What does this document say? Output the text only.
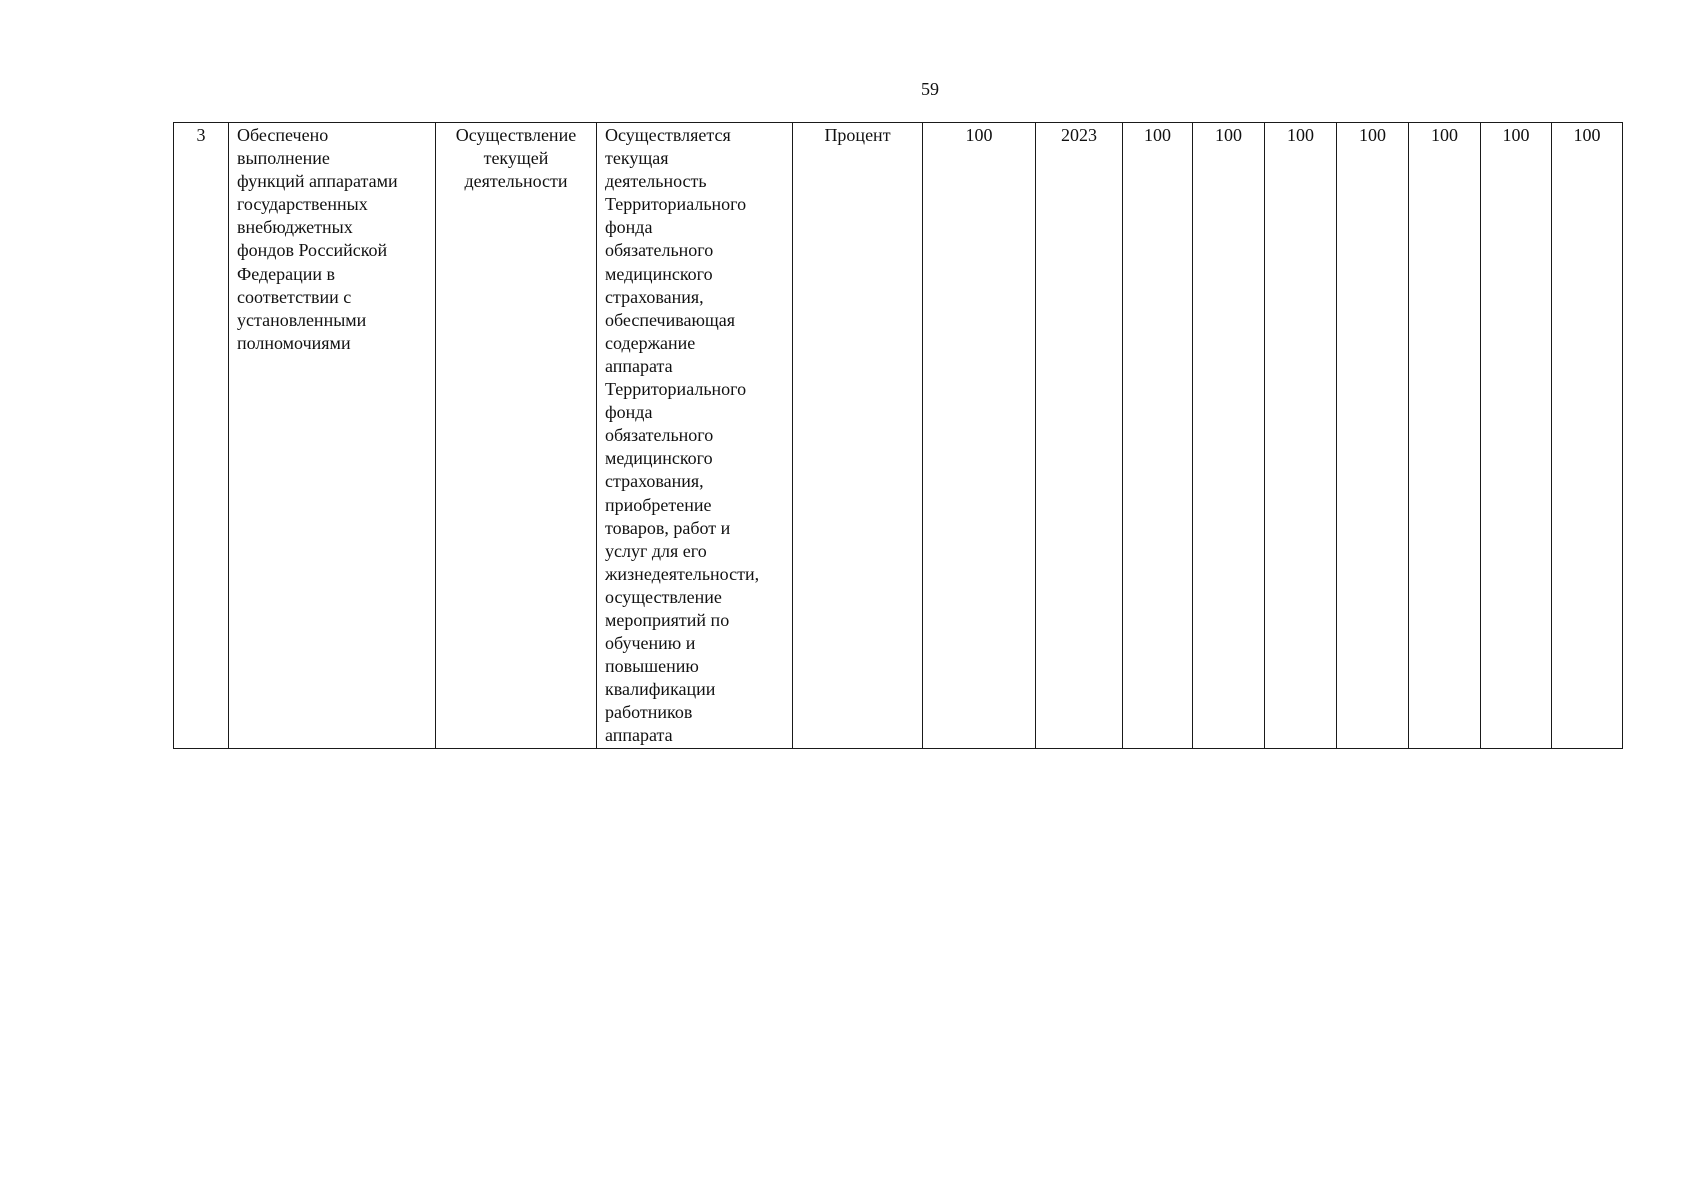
59
3	Обеспечено
выполнение
функций аппаратами
государственных
внебюджетных
фондов Российской
Федерации в
соответствии с
установленными
полномочиями	Осуществление
текущей
деятельности	Осуществляется
текущая
деятельность
Территориального
фонда
обязательного
медицинского
страхования,
обеспечивающая
содержание
аппарата
Территориального
фонда
обязательного
медицинского
страхования,
приобретение
товаров, работ и
услуг для его
жизнедеятельности,
осуществление
мероприятий по
обучению и
повышению
квалификации
работников
аппарата	Процент	100	2023	100	100	100	100	100	100	100
